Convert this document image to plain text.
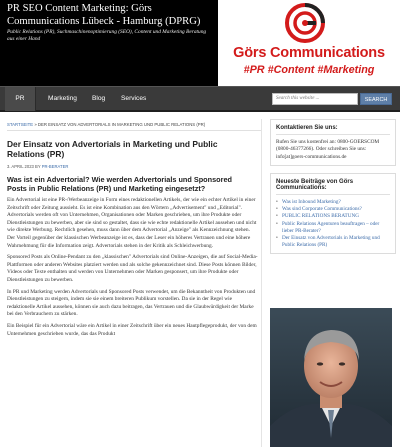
PR SEO Content Marketing: Görs Communications Lübeck - Hamburg (DPRG)
Public Relations (PR), Suchmaschinenoptimierung (SEO), Content und Marketing Beratung aus einer Hand
Görs Communications
#PR #Content #Marketing
PR	Marketing Blog Services	Search this website ...	SEARCH
STARTSEITE » DER EINSATZ VON ADVERTORIALS IN MARKETING UND PUBLIC RELATIONS (PR)
Der Einsatz von Advertorials in Marketing und Public Relations (PR)
3. APRIL 2023 BY PR-BERATER
Was ist ein Advertorial? Wie werden Advertorials und Sponsored Posts in Public Relations (PR) und Marketing eingesetzt?

Ein Advertorial ist eine PR-/Werbeanzeige in Form eines redaktionellen Artikels, der wie ein echter Artikel in einer Zeitschrift oder Zeitung aussieht. Es ist eine Kombination aus den Wörtern „Advertisement" und „Editorial". Advertorials werden oft von Unternehmen, Organisationen oder Marken geschrieben, um ihre Produkte oder Dienstleistungen zu bewerben, aber sie sind so gestaltet, dass sie wie echte redaktionelle Artikel aussehen und nicht wie direkte Werbung. Rechtlich gesehen, muss dann über dem Advertorial „Anzeige" als Kennzeichnung stehen. Der Vorteil gegenüber der klassischen Werbeanzeige ist es, dass der Leser ein höheres Vertrauen und eine höhere Wahrnehmung für die Information zeigt. Advertorials stehen in der Kritik als Schleichwerbung.

Sponsored Posts als Online-Pendant zu den „klassischen" Advertorials sind Online-Anzeigen, die auf Social-Media-Plattformen oder anderen Websites platziert werden und als solche gekennzeichnet sind. Diese Posts können Bilder, Videos oder Texte enthalten und werden von Unternehmen oder Marken gesponsert, um ihre Produkte oder Dienstleistungen zu bewerben.

In PR und Marketing werden Advertorials und Sponsored Posts verwendet, um die Bekanntheit von Produkten und Dienstleistungen zu steigern, indem sie sie einem breiteren Publikum vorstellen. Da sie in der Regel wie redaktionelle Artikel aussehen, können sie auch dazu beitragen, das Vertrauen und die Glaubwürdigkeit der Marke bei den Verbrauchern zu stärken.

Ein Beispiel für ein Advertorial wäre ein Artikel in einer Zeitschrift über ein neues Hautpflegeprodukt, der von dem Unternehmen geschrieben wurde, das das Produkt

Kontaktieren Sie uns:
Rufen Sie uns kostenfrei an: 0800-GOERSCOM (0800-46377266). Oder schreiben Sie uns: info[at]goers-communications.de
Neueste Beiträge von Görs Communications:
• Was ist Inbound Marketing?
• Was sind Corporate Communications?
• PUBLIC RELATIONS BERATUNG
• Public Relations Agenturen beauftragen – oder lieber PR-Berater?
• Der Einsatz von Advertorials in Marketing und Public Relations (PR)
